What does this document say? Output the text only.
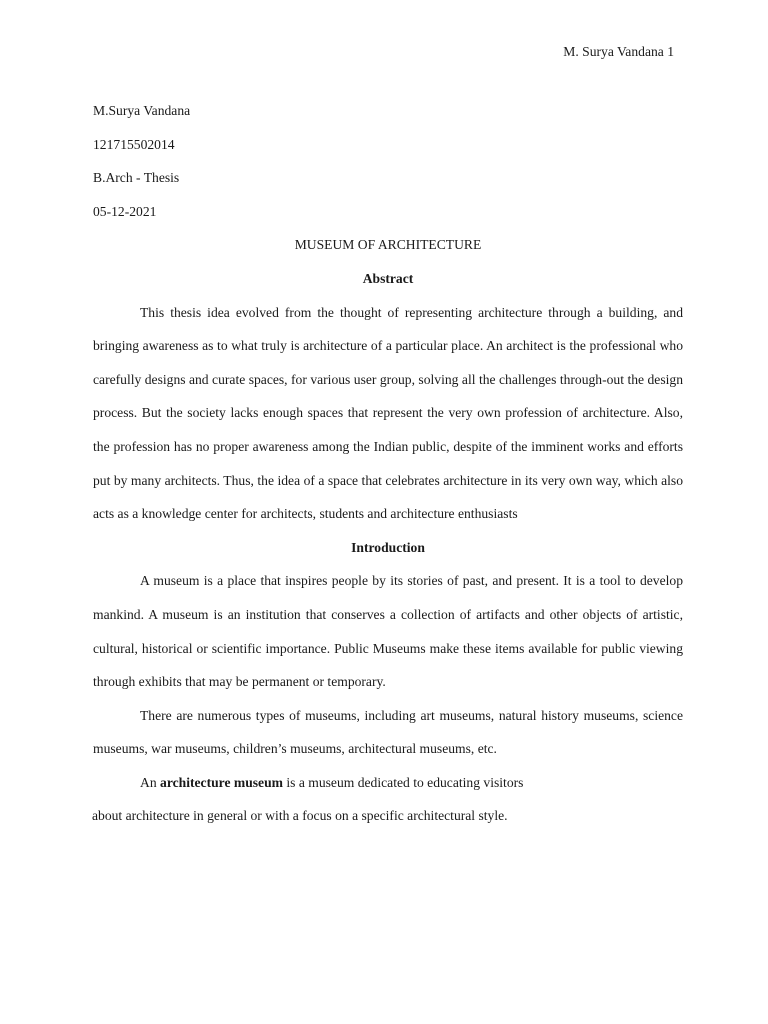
M. Surya Vandana 1
M.Surya Vandana
121715502014
B.Arch - Thesis
05-12-2021
MUSEUM OF ARCHITECTURE
Abstract
This thesis idea evolved from the thought of representing architecture through a building, and bringing awareness as to what truly is architecture of a particular place. An architect is the professional who carefully designs and curate spaces, for various user group, solving all the challenges through-out the design process. But the society lacks enough spaces that represent the very own profession of architecture. Also, the profession has no proper awareness among the Indian public, despite of the imminent works and efforts put by many architects. Thus, the idea of a space that celebrates architecture in its very own way, which also acts as a knowledge center for architects, students and architecture enthusiasts
Introduction
A museum is a place that inspires people by its stories of past, and present. It is a tool to develop mankind. A museum is an institution that conserves a collection of artifacts and other objects of artistic, cultural, historical or scientific importance. Public Museums make these items available for public viewing through exhibits that may be permanent or temporary.
There are numerous types of museums, including art museums, natural history museums, science museums, war museums, children’s museums, architectural museums, etc.
An architecture museum is a museum dedicated to educating visitors
about architecture in general or with a focus on a specific architectural style.
